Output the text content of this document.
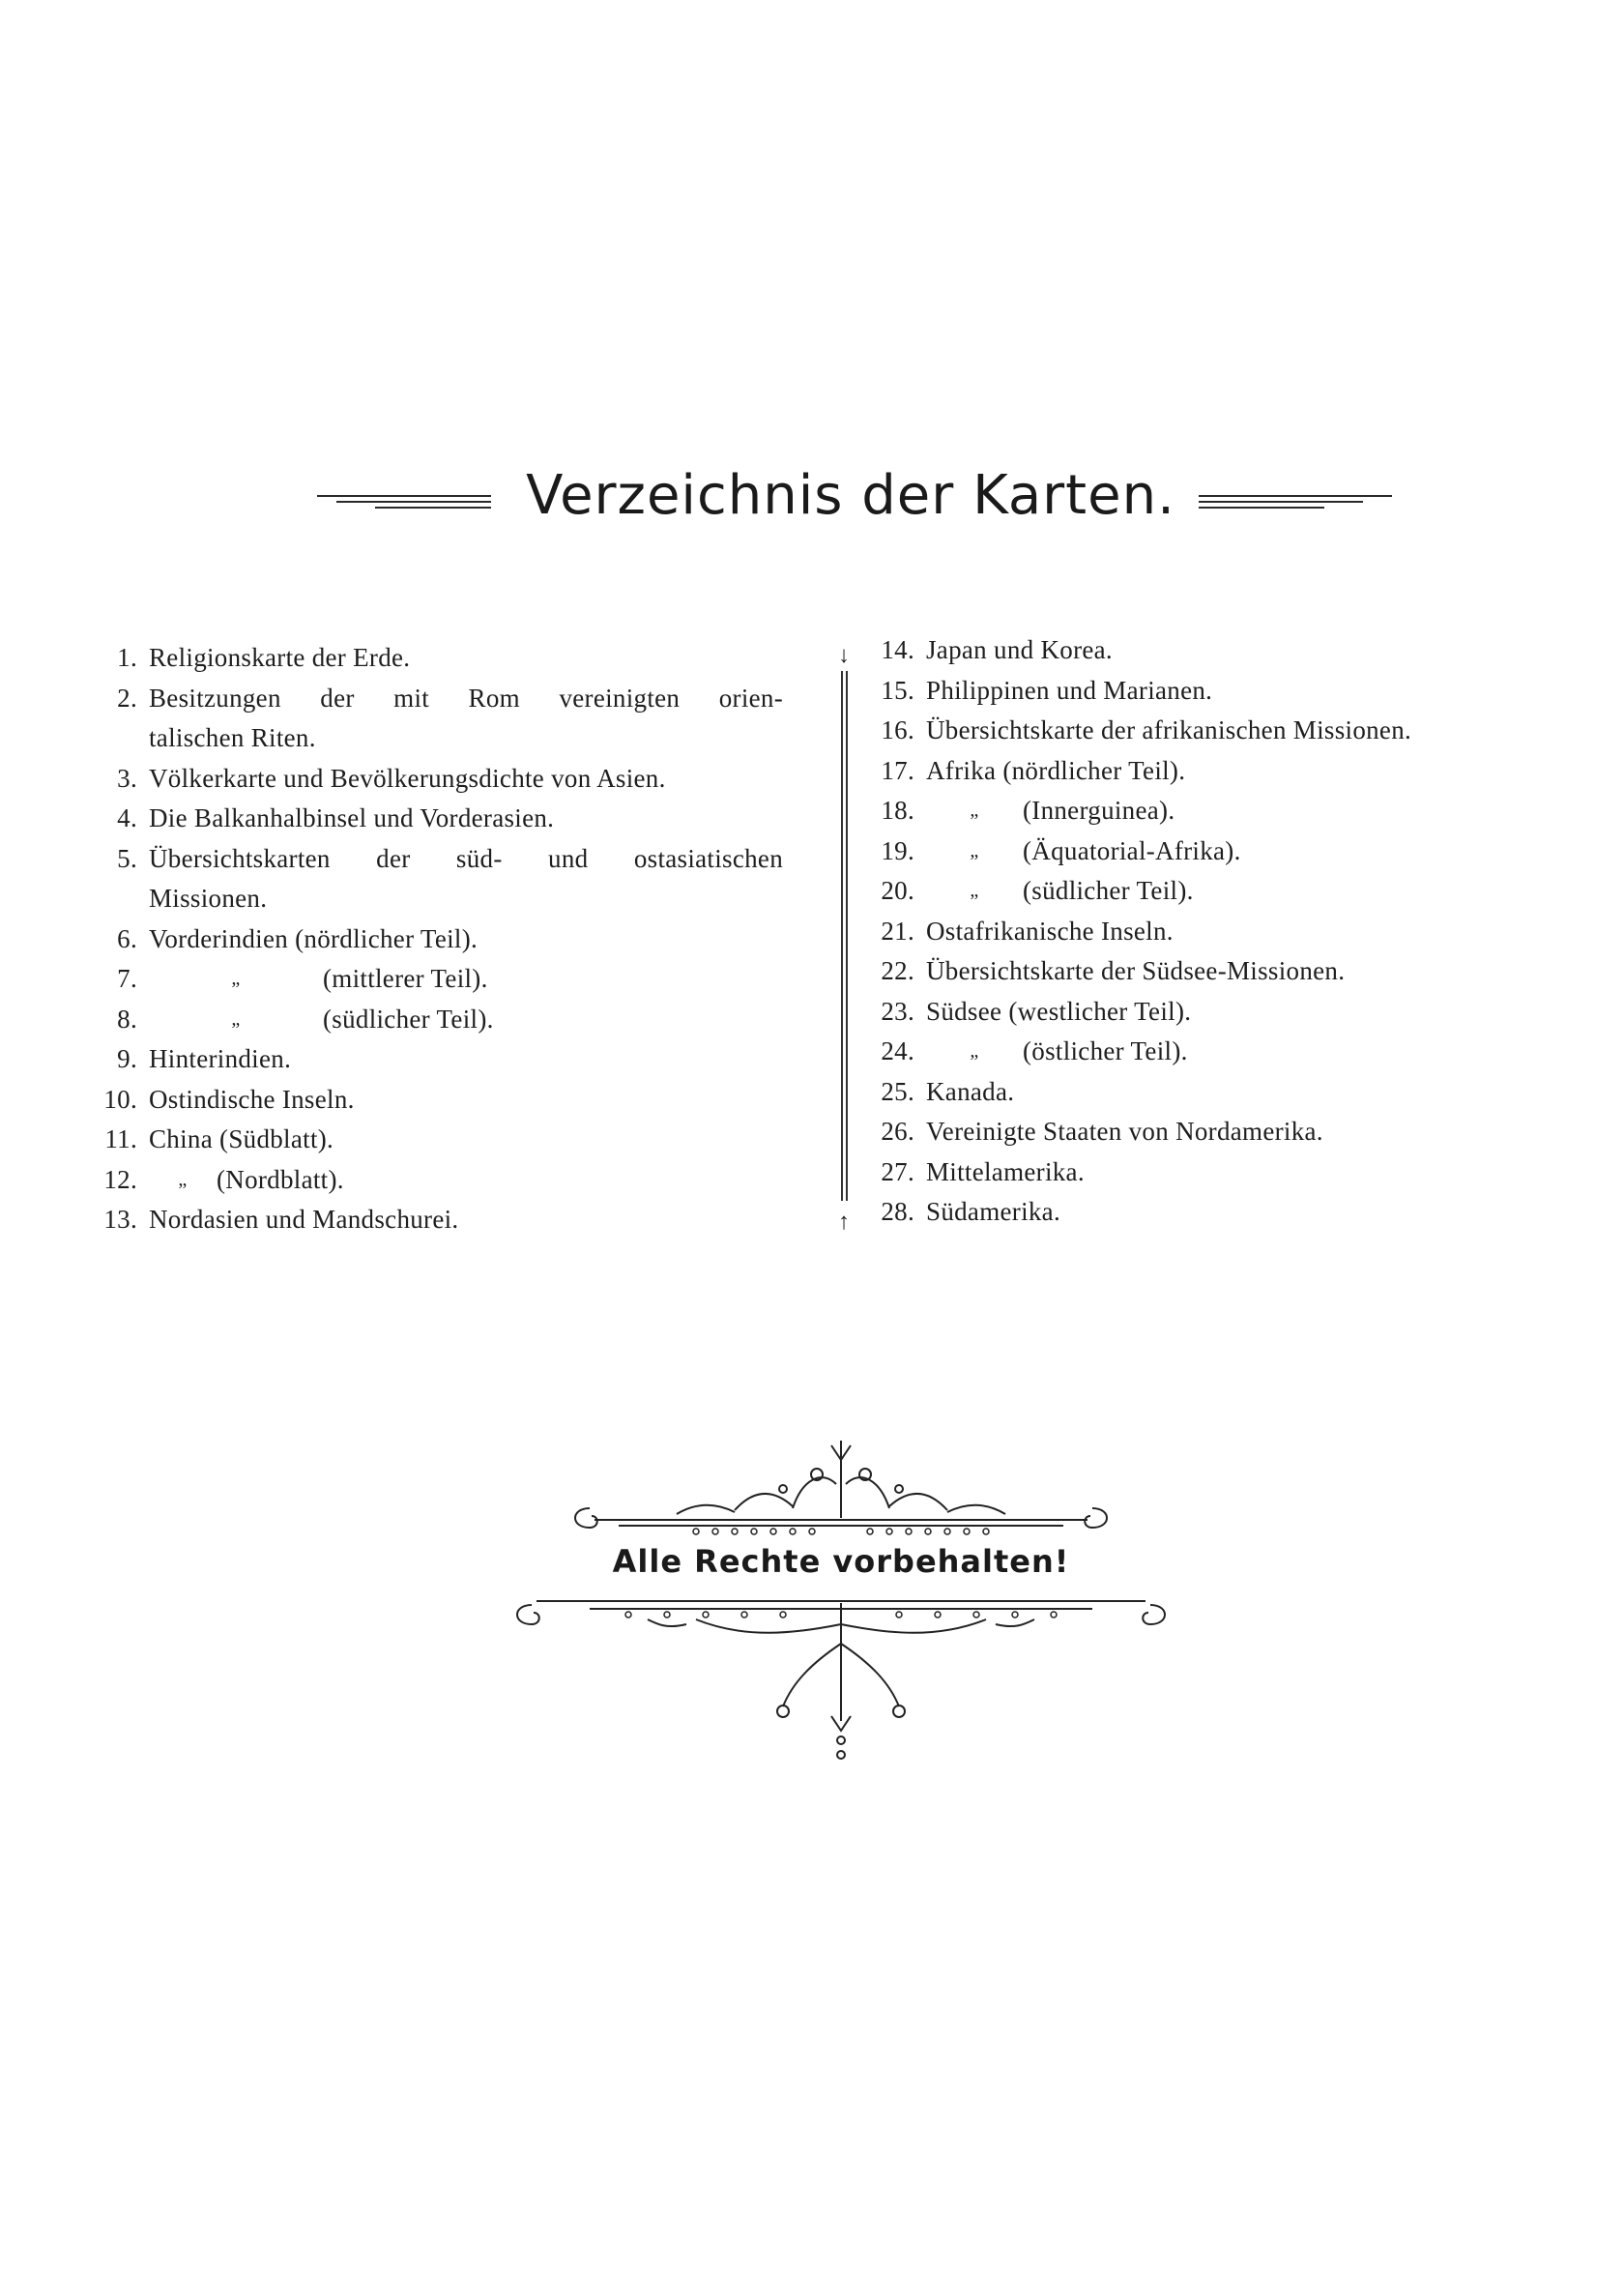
Verzeichnis der Karten.
1. Religionskarte der Erde.
2. Besitzungen der mit Rom vereinigten orien-
talischen Riten.
3. Völkerkarte und Bevölkerungsdichte von Asien.
4. Die Balkanhalbinsel und Vorderasien.
5. Übersichtskarten der süd- und ostasiatischen
Missionen.
6. Vorderindien (nördlicher Teil).
7.	„	(mittlerer Teil).
8.	„	(südlicher Teil).
9. Hinterindien.
10. Ostindische Inseln.
11. China (Südblatt).
12.	„ (Nordblatt).
13. Nordasien und Mandschurei.
↓
↑
14. Japan und Korea.
15. Philippinen und Marianen.
16. Übersichtskarte der afrikanischen Missionen.
17. Afrika (nördlicher Teil).
18.	„ (Innerguinea).
19.	„ (Äquatorial-Afrika).
20.	„ (südlicher Teil).
21. Ostafrikanische Inseln.
22. Übersichtskarte der Südsee-Missionen.
23. Südsee (westlicher Teil).
24.	„ (östlicher Teil).
25. Kanada.
26. Vereinigte Staaten von Nordamerika.
27. Mittelamerika.
28. Südamerika.
Alle Rechte vorbehalten!
